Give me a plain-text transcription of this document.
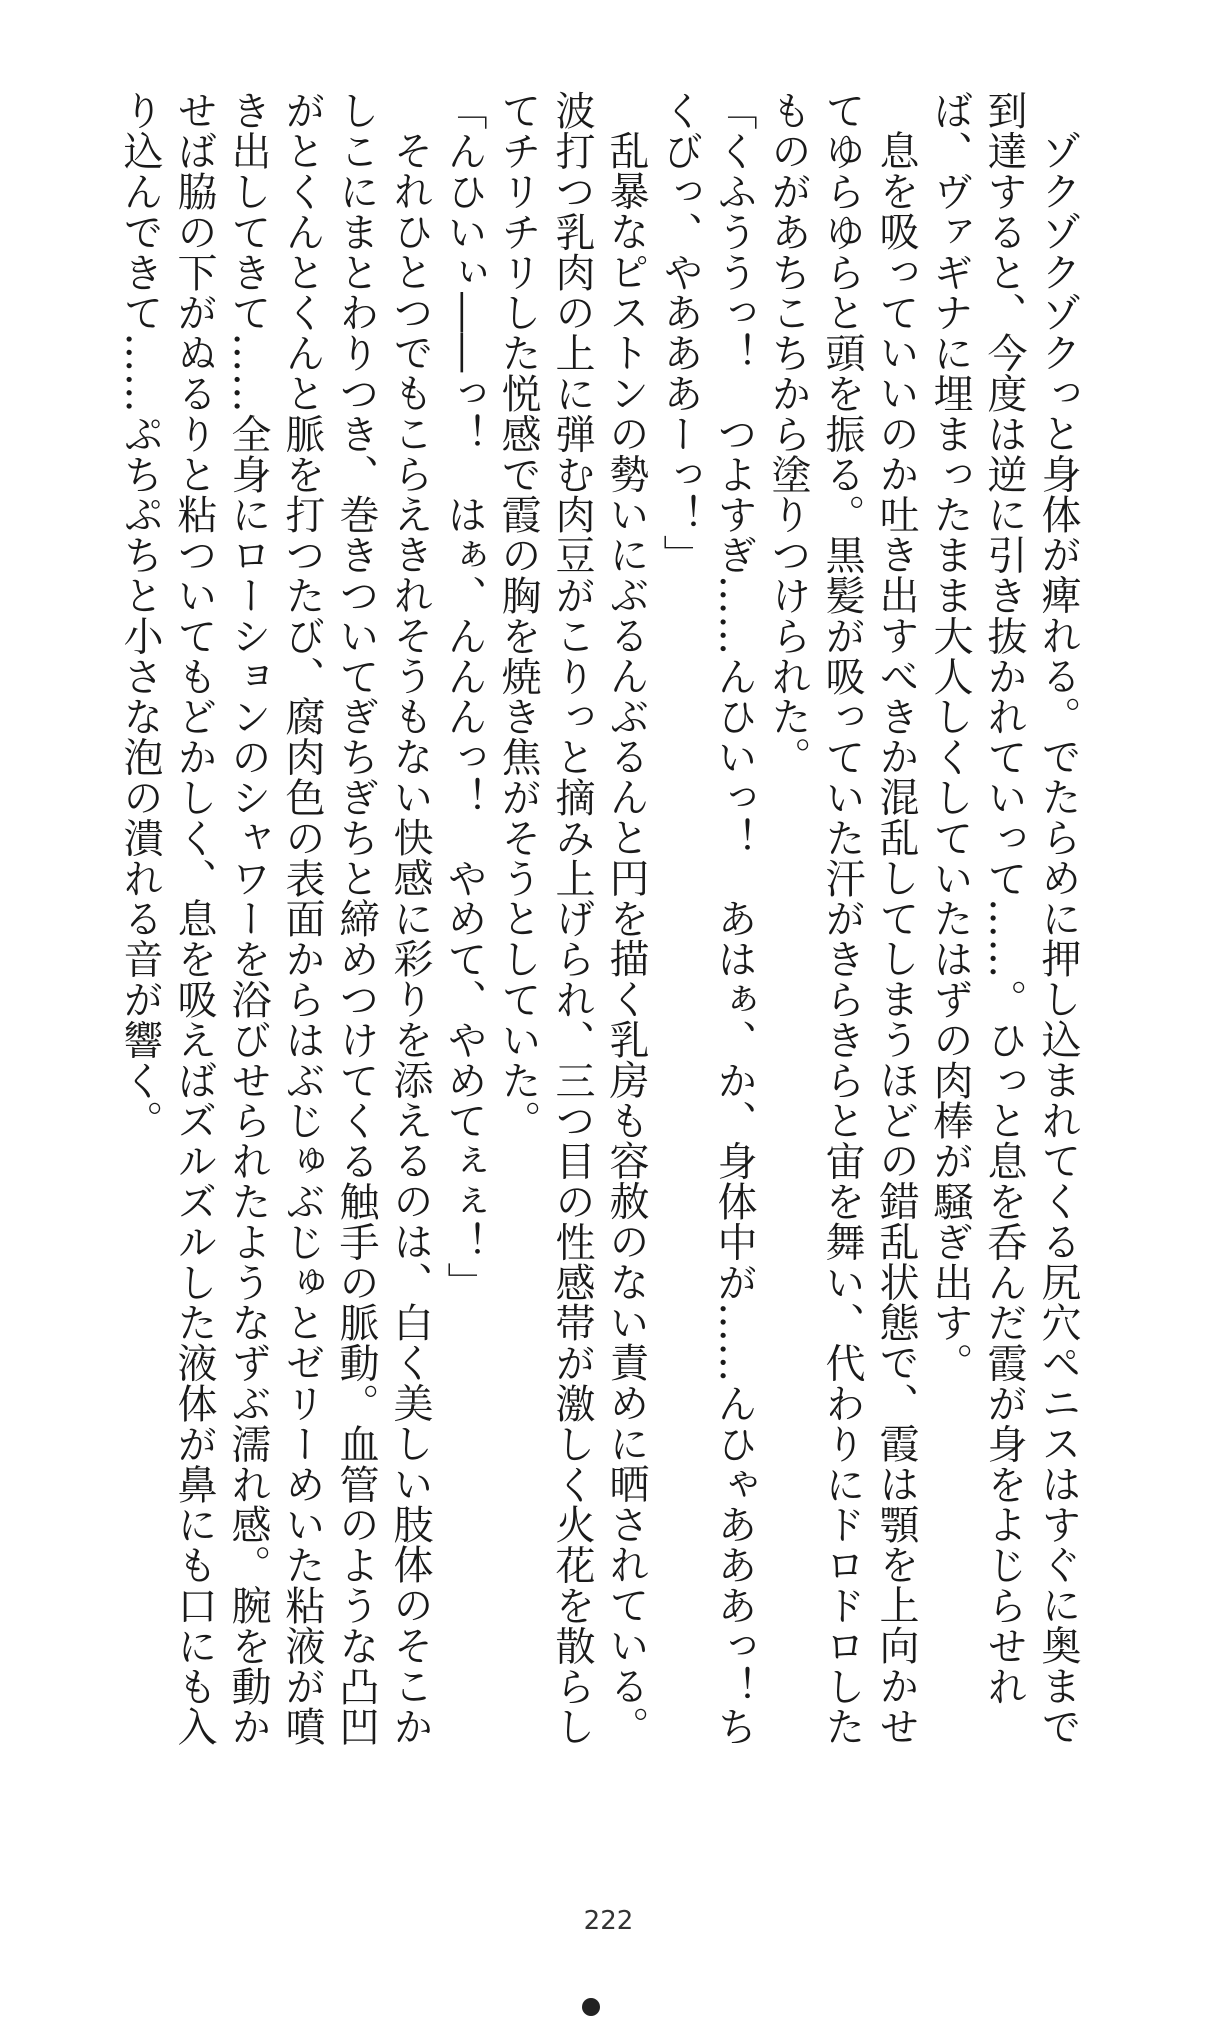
ゾクゾクゾクっと身体が痺れる。でたらめに押し込まれてくる尻穴ペニスはすぐに奥まで到達すると、今度は逆に引き抜かれていって……。ひっと息を呑んだ霞が身をよじらせれば、ヴァギナに埋まったまま大人しくしていたはずの肉棒が騒ぎ出す。

息を吸っていいのか吐き出すべきか混乱してしまうほどの錯乱状態で、霞は顎を上向かせてゆらゆらと頭を振る。黒髪が吸っていた汗がきらきらと宙を舞い、代わりにドロドロしたものがあちこちから塗りつけられた。

「くふううっ！　つよすぎ……んひいっ！　あはぁ、か、身体中が……んひゃあああっ！ちくびっ、やあああーっ！」

乱暴なピストンの勢いにぶるんぶるんと円を描く乳房も容赦のない責めに晒されている。波打つ乳肉の上に弾む肉豆がこりっと摘み上げられ、三つ目の性感帯が激しく火花を散らしてチリチリした悦感で霞の胸を焼き焦がそうとしていた。

「んひいぃ――っ！　はぁ、んんんっ！　やめて、やめてぇぇ！」

それひとつでもこらえきれそうもない快感に彩りを添えるのは、白く美しい肢体のそこかしこにまとわりつき、巻きついてぎちぎちと締めつけてくる触手の脈動。血管のような凸凹がとくんとくんと脈を打つたび、腐肉色の表面からはぶじゅぶじゅとゼリーめいた粘液が噴き出してきて……全身にローションのシャワーを浴びせられたようなずぶ濡れ感。腕を動かせば脇の下がぬるりと粘ついてもどかしく、息を吸えばズルズルした液体が鼻にも口にも入り込んできて……ぷちぷちと小さな泡の潰れる音が響く。

222
